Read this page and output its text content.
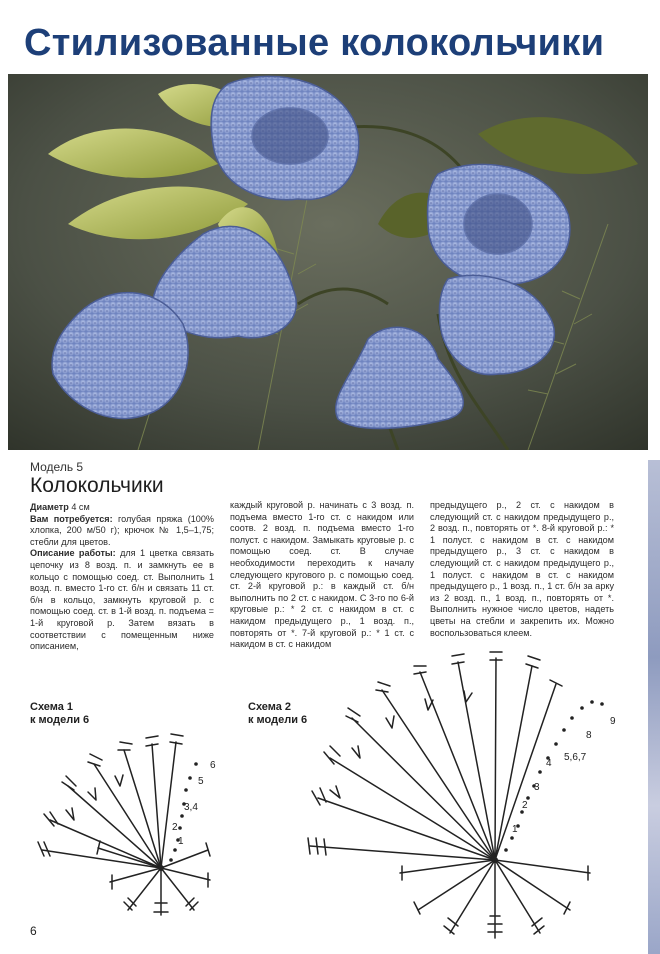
Стилизованные колокольчики
Модель 5
Колокольчики

Диаметр 4 см

Вам потребуется: голубая пряжа (100% хлопка, 200 м/50 г); крючок № 1,5–1,75; стебли для цветов.

Описание работы: для 1 цветка связать цепочку из 8 возд. п. и замкнуть ее в кольцо с помощью соед. ст. Выполнить 1 возд. п. вместо 1-го ст. б/н и связать 11 ст. б/н в кольцо, замкнуть круговой р. с помощью соед. ст. в 1-й возд. п. подъема = 1-й круговой р. Затем вязать в соответствии с помещенным ниже описанием,

каждый круговой р. начинать с 3 возд. п. подъема вместо 1-го ст. с накидом или соотв. 2 возд. п. подъема вместо 1-го полуст. с накидом. Замыкать круговые р. с помощью соед. ст. В случае необходимости переходить к началу следующего кругового р. с помощью соед. ст. 2-й круговой р.: в каждый ст. б/н выполнить по 2 ст. с накидом. С 3-го по 6-й круговые р.: * 2 ст. с накидом в ст. с накидом предыдущего р., 1 возд. п., повторять от *. 7-й круговой р.: * 1 ст. с накидом в ст. с накидом

предыдущего р., 2 ст. с накидом в следующий ст. с накидом предыдущего р., 2 возд. п., повторять от *. 8-й круговой р.: * 1 полуст. с накидом в ст. с накидом предыдущего р., 3 ст. с накидом в следующий ст. с накидом предыдущего р., 1 полуст. с накидом в ст. с накидом предыдущего р., 1 возд. п., 1 ст. б/н за арку из 2 возд. п., 1 возд. п., повторять от *. Выполнить нужное число цветов, надеть цветы на стебли и закрепить их. Можно воспользоваться клеем.

Схема 1
к модели 6
Схема 2
к модели 6
1
2
3,4
5
6
1
2
3
4
5,6,7
8
9
6
